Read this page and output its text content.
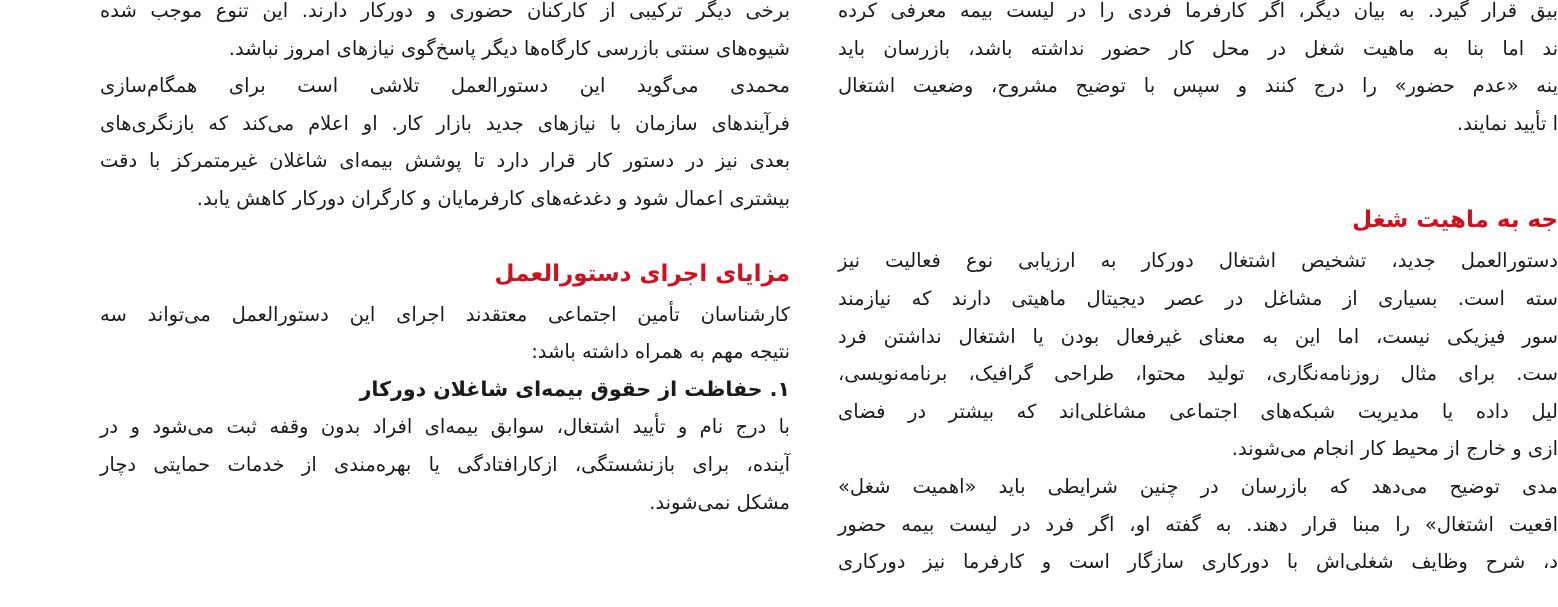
برخی دیگر ترکیبی از کارکنان حضوری و دورکار دارند. این تنوع موجب شده
شیوه‌های سنتی بازرسی کارگاه‌ها دیگر پاسخ‌گوی نیازهای امروز نباشد.
محمدی می‌گوید این دستورالعمل تلاشی است برای همگام‌سازی
فرآیندهای سازمان با نیازهای جدید بازار کار. او اعلام می‌کند که بازنگری‌های
بعدی نیز در دستور کار قرار دارد تا پوشش بیمه‌ای شاغلان غیرمتمرکز با دقت
بیشتری اعمال شود و دغدغه‌های کارفرمایان و کارگران دورکار کاهش یابد.
مزایای اجرای دستورالعمل
کارشناسان تأمین اجتماعی معتقدند اجرای این دستورالعمل می‌تواند سه
نتیجه مهم به همراه داشته باشد:
۱. حفاظت از حقوق بیمه‌ای شاغلان دورکار
با درج نام و تأیید اشتغال، سوابق بیمه‌ای افراد بدون وقفه ثبت می‌شود و در
آینده، برای بازنشستگی، ازکارافتادگی یا بهره‌مندی از خدمات حمایتی دچار
مشکل نمی‌شوند.
بیق قرار گیرد. به بیان دیگر، اگر کارفرما فردی را در لیست بیمه معرفی کرده
ند اما بنا به ماهیت شغل در محل کار حضور نداشته باشد، بازرسان باید
ینه «عدم حضور» را درج کنند و سپس با توضیح مشروح، وضعیت اشتغال
ا تأیید نمایند.
جه به ماهیت شغل
دستورالعمل جدید، تشخیص اشتغال دورکار به ارزیابی نوع فعالیت نیز
سته است. بسیاری از مشاغل در عصر دیجیتال ماهیتی دارند که نیازمند
سور فیزیکی نیست، اما این به معنای غیرفعال بودن یا اشتغال نداشتن فرد
ست. برای مثال روزنامه‌نگاری، تولید محتوا، طراحی گرافیک، برنامه‌نویسی،
لیل داده یا مدیریت شبکه‌های اجتماعی مشاغلی‌اند که بیشتر در فضای
ازی و خارج از محیط کار انجام می‌شوند.
مدی توضیح می‌دهد که بازرسان در چنین شرایطی باید «اهمیت شغل»
اقعیت اشتغال» را مبنا قرار دهند. به گفته او، اگر فرد در لیست بیمه حضور
د، شرح وظایف شغلی‌اش با دورکاری سازگار است و کارفرما نیز دورکاری
